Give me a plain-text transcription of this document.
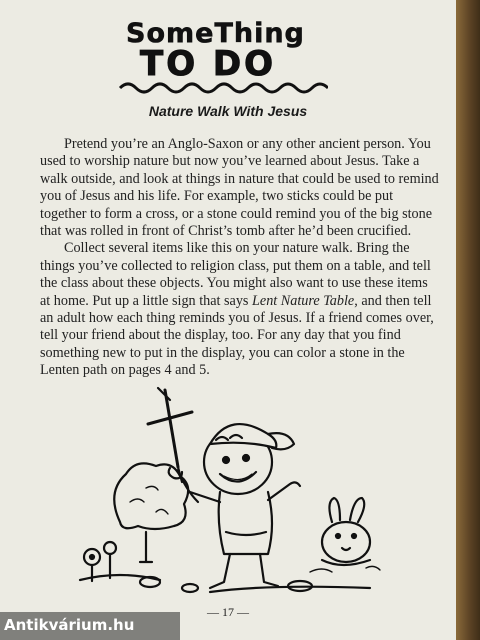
SomeThing
TO DO
Nature Walk With Jesus

Pretend you’re an Anglo-Saxon or any other ancient person. You used to worship nature but now you’ve learned about Jesus. Take a walk outside, and look at things in nature that could be used to remind you of Jesus and his life. For example, two sticks could be put together to form a cross, or a stone could remind you of the big stone that was rolled in front of Christ’s tomb after he’d been crucified.

Collect several items like this on your nature walk. Bring the things you’ve collected to religion class, put them on a table, and tell the class about these objects. You might also want to use these items at home. Put up a little sign that says Lent Nature Table, and then tell an adult how each thing reminds you of Jesus. If a friend comes over, tell your friend about the display, too. For any day that you find something new to put in the display, you can color a stone in the Lenten path on pages 4 and 5.

— 17 —
Antikvárium.hu
